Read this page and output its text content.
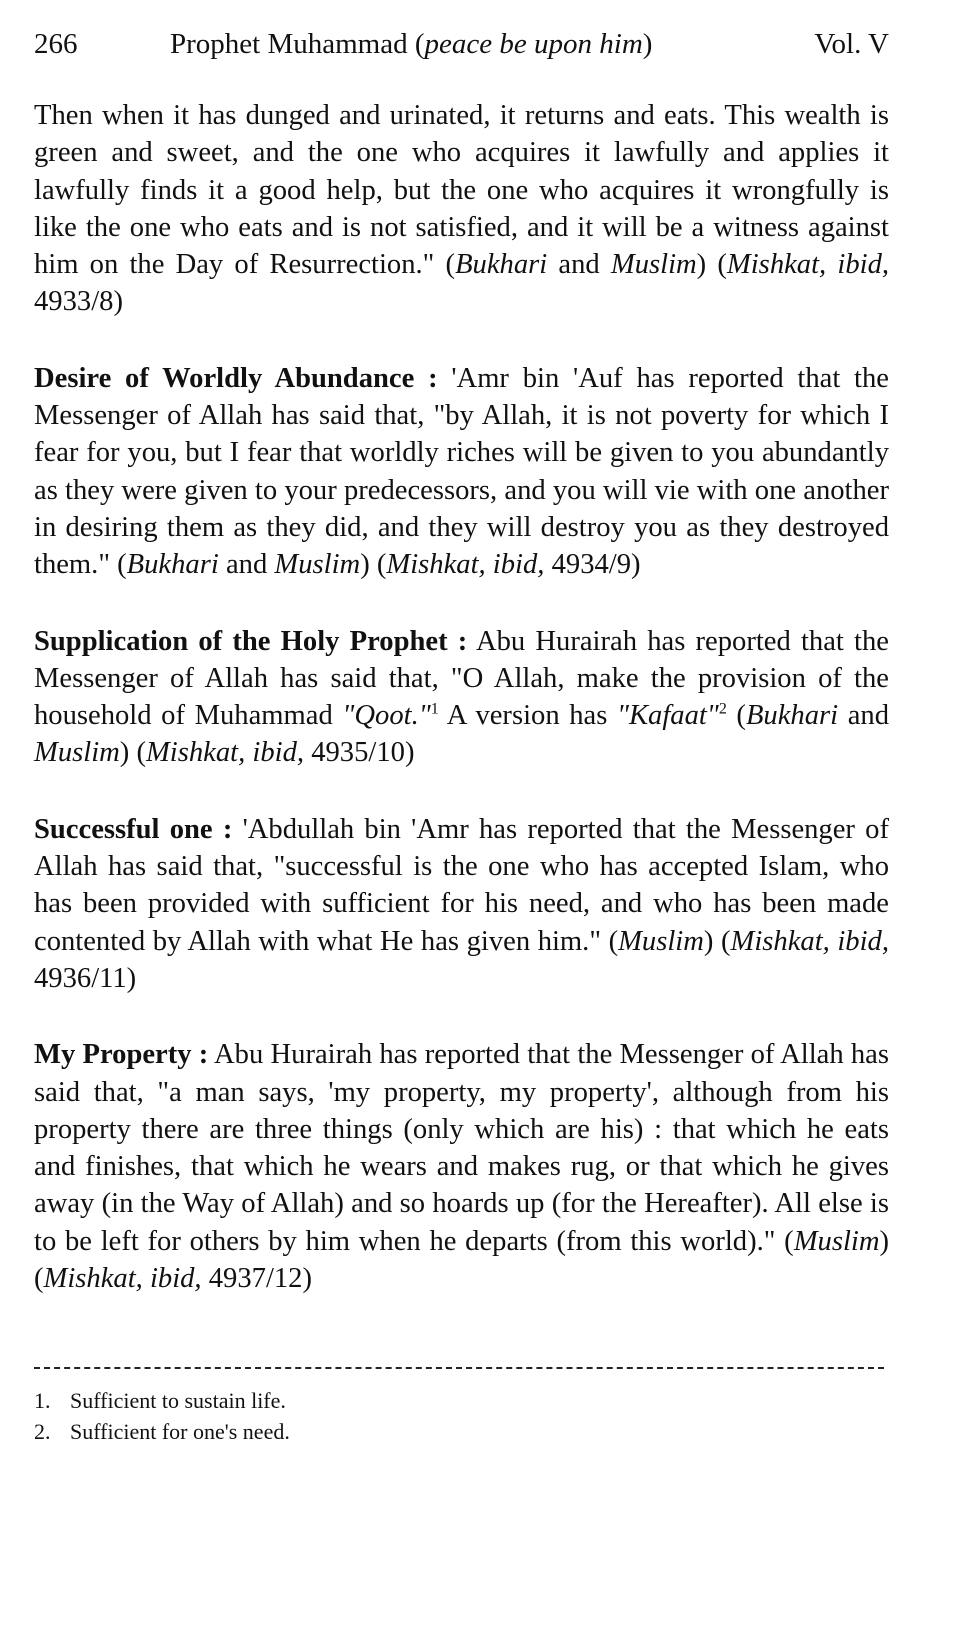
266	Prophet Muhammad (peace be upon him)	Vol. V

Then when it has dunged and urinated, it returns and eats. This wealth is green and sweet, and the one who acquires it lawfully and applies it lawfully finds it a good help, but the one who acquires it wrongfully is like the one who eats and is not satisfied, and it will be a witness against him on the Day of Resurrection." (Bukhari and Muslim) (Mishkat, ibid, 4933/8)

Desire of Worldly Abundance : 'Amr bin 'Auf has reported that the Messenger of Allah has said that, "by Allah, it is not poverty for which I fear for you, but I fear that worldly riches will be given to you abundantly as they were given to your predecessors, and you will vie with one another in desiring them as they did, and they will destroy you as they destroyed them." (Bukhari and Muslim) (Mishkat, ibid, 4934/9)

Supplication of the Holy Prophet : Abu Hurairah has reported that the Messenger of Allah has said that, "O Allah, make the provision of the household of Muhammad "Qoot."$^1$ A version has "Kafaat"$^2$ (Bukhari and Muslim) (Mishkat, ibid, 4935/10)

Successful one : 'Abdullah bin 'Amr has reported that the Messenger of Allah has said that, "successful is the one who has accepted Islam, who has been provided with sufficient for his need, and who has been made contented by Allah with what He has given him." (Muslim) (Mishkat, ibid, 4936/11)

My Property : Abu Hurairah has reported that the Messenger of Allah has said that, "a man says, 'my property, my property', although from his property there are three things (only which are his) : that which he eats and finishes, that which he wears and makes rug, or that which he gives away (in the Way of Allah) and so hoards up (for the Hereafter). All else is to be left for others by him when he departs (from this world)." (Muslim) (Mishkat, ibid, 4937/12)

1. Sufficient to sustain life.
2. Sufficient for one's need.
